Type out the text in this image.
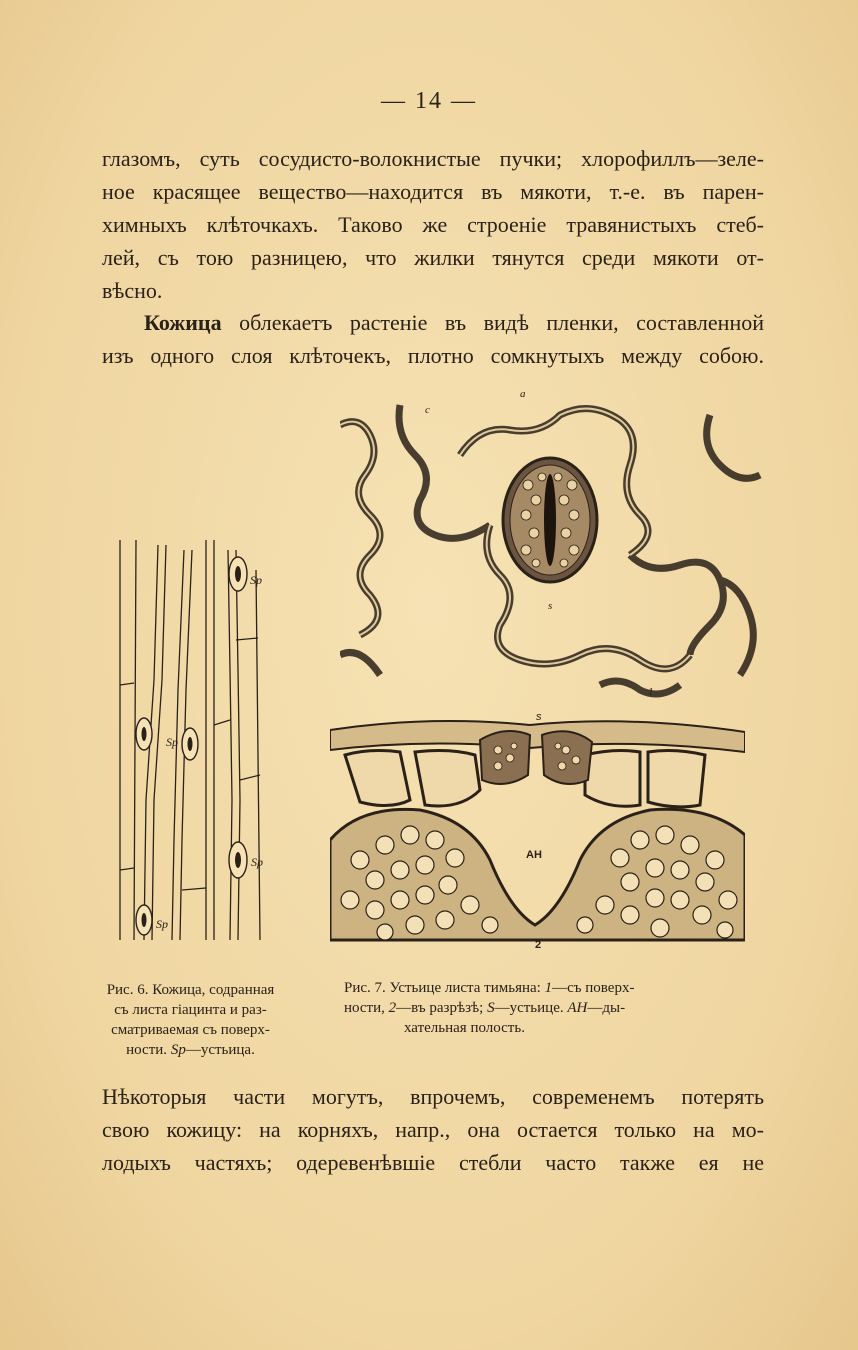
— 14 —
глазомъ, суть сосудисто-волокнистые пучки; хлорофиллъ—зеле-
ное красящее вещество—находится въ мякоти, т.-е. въ парен-
химныхъ клѣточкахъ. Таково же строеніе травянистыхъ стеб-
лей, съ тою разницею, что жилки тянутся среди мякоти от-
вѣсно.
Кожица облекаетъ растеніе въ видѣ пленки, составленной
изъ одного слоя клѣточекъ, плотно сомкнутыхъ между собою.
Sp
Sp
Sp
Sp
a
c
s
1
s
AH
2
Рис. 6. Кожица, содранная
съ листа гіацинта и раз-
сматриваемая съ поверх-
ности. Sp—устьица.
Рис. 7. Устьице листа тимьяна: 1—съ поверх-
ности, 2—въ разрѣзѣ; S—устьице. AH—ды-
хательная полость.
Нѣкоторыя части могутъ, впрочемъ, современемъ потерять
свою кожицу: на корняхъ, напр., она остается только на мо-
лодыхъ частяхъ; одеревенѣвшіе стебли часто также ея не
